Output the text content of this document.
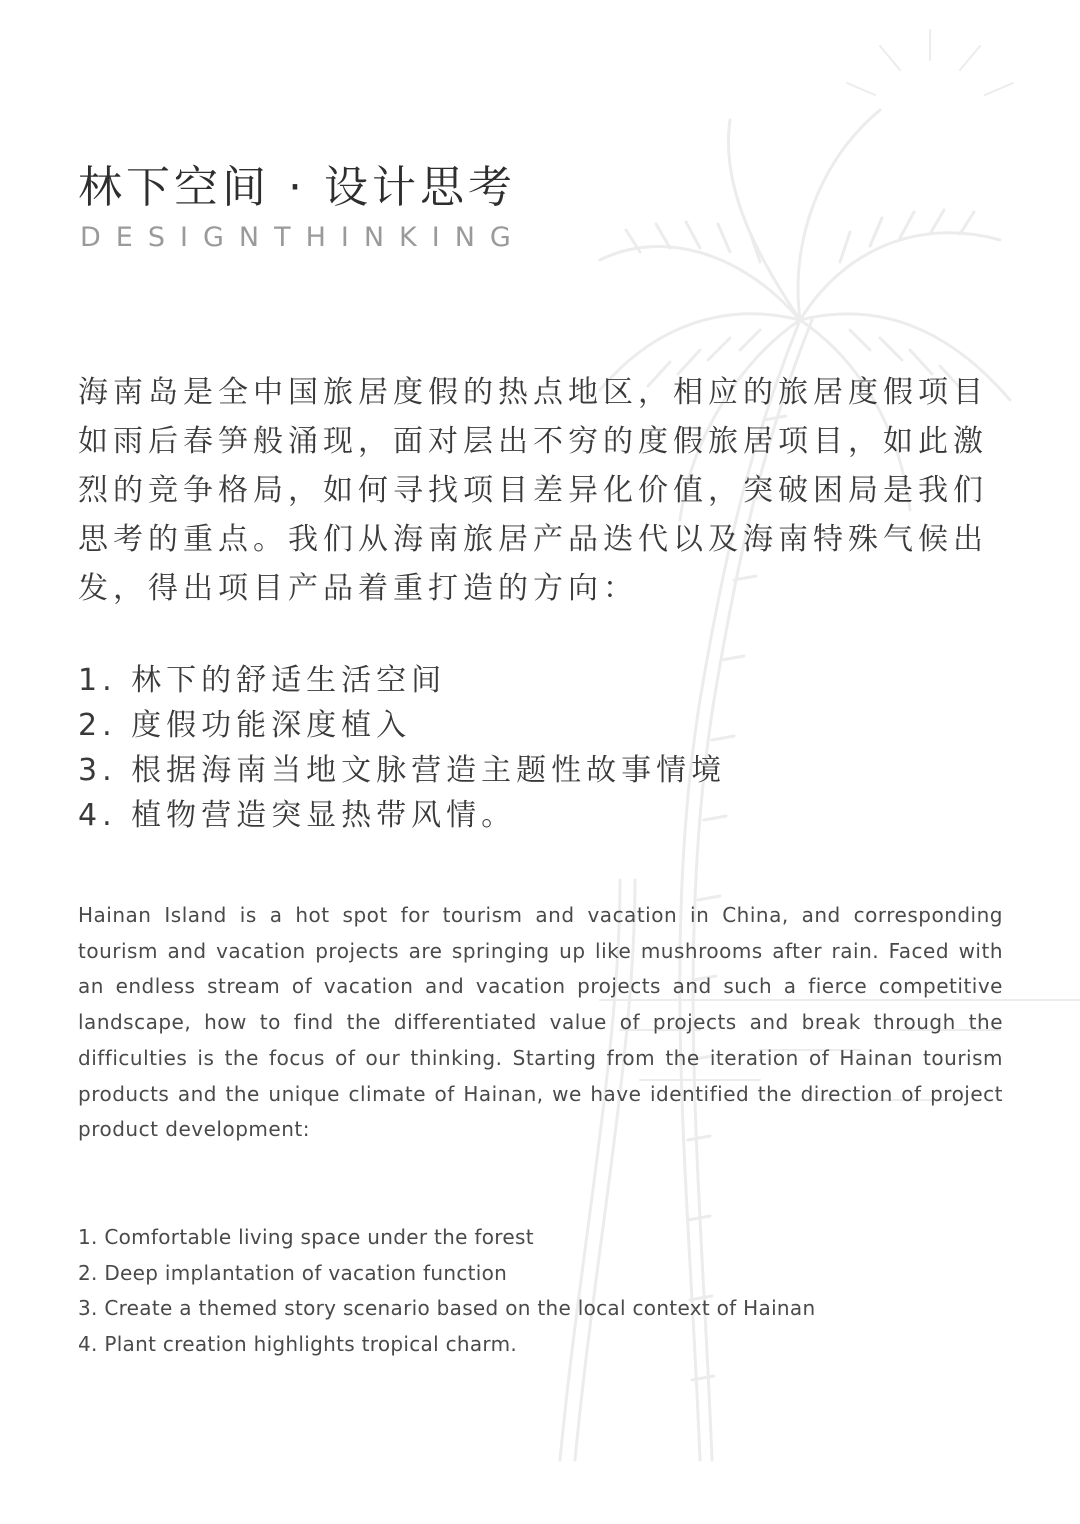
林下空间 · 设计思考
DESIGNTHINKING

海南岛是全中国旅居度假的热点地区，相应的旅居度假项目如雨后春笋般涌现，面对层出不穷的度假旅居项目，如此激烈的竞争格局，如何寻找项目差异化价值，突破困局是我们思考的重点。我们从海南旅居产品迭代以及海南特殊气候出发，得出项目产品着重打造的方向：

1. 林下的舒适生活空间
2. 度假功能深度植入
3. 根据海南当地文脉营造主题性故事情境
4. 植物营造突显热带风情。

Hainan Island is a hot spot for tourism and vacation in China, and corresponding tourism and vacation projects are springing up like mushrooms after rain. Faced with an endless stream of vacation and vacation projects and such a fierce competitive landscape, how to find the differentiated value of projects and break through the difficulties is the focus of our thinking. Starting from the iteration of Hainan tourism products and the unique climate of Hainan, we have identified the direction of project product development:

1. Comfortable living space under the forest
2. Deep implantation of vacation function
3. Create a themed story scenario based on the local context of Hainan
4. Plant creation highlights tropical charm.
